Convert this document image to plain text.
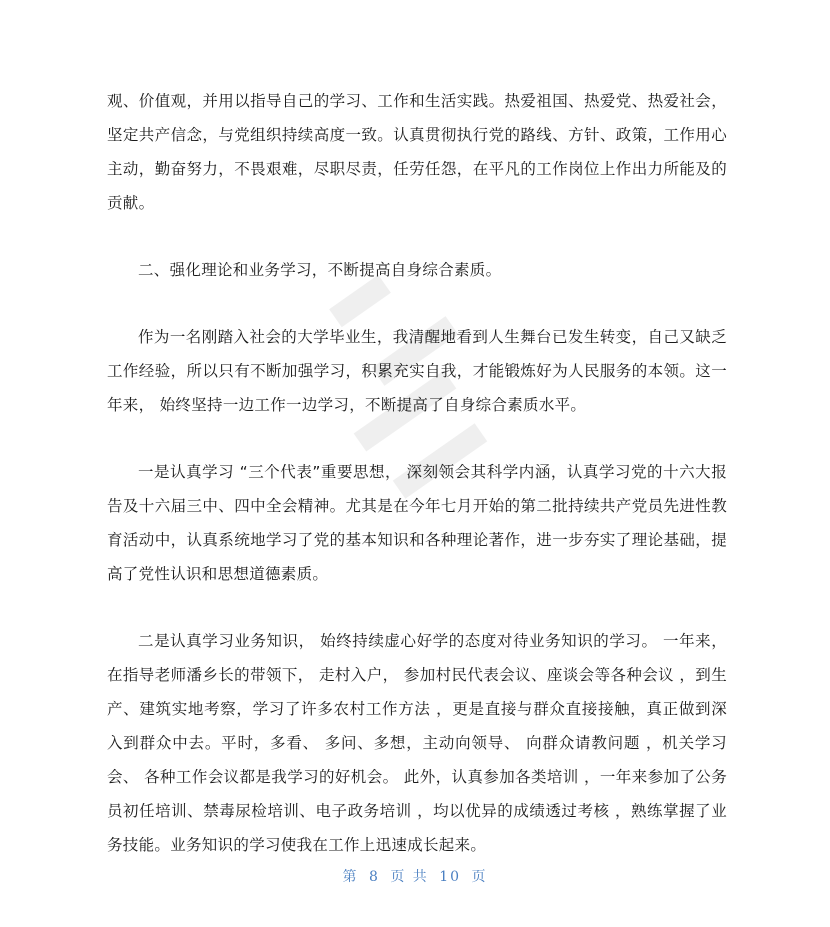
观、价值观，并用以指导自己的学习、工作和生活实践。热爱祖国、热爱党、热爱社会，坚定共产信念，与党组织持续高度一致。认真贯彻执行党的路线、方针、政策，工作用心主动，勤奋努力，不畏艰难，尽职尽责，任劳任怨，在平凡的工作岗位上作出力所能及的贡献。

二、强化理论和业务学习，不断提高自身综合素质。

作为一名刚踏入社会的大学毕业生，我清醒地看到人生舞台已发生转变，自己又缺乏工作经验，所以只有不断加强学习，积累充实自我，才能锻炼好为人民服务的本领。这一年来， 始终坚持一边工作一边学习，不断提高了自身综合素质水平。

一是认真学习 “三个代表”重要思想， 深刻领会其科学内涵，认真学习党的十六大报告及十六届三中、四中全会精神。尤其是在今年七月开始的第二批持续共产党员先进性教育活动中，认真系统地学习了党的基本知识和各种理论著作，进一步夯实了理论基础，提高了党性认识和思想道德素质。

二是认真学习业务知识， 始终持续虚心好学的态度对待业务知识的学习。 一年来，在指导老师潘乡长的带领下， 走村入户， 参加村民代表会议、座谈会等各种会议 ，到生产、建筑实地考察，学习了许多农村工作方法 ，更是直接与群众直接接触，真正做到深入到群众中去。平时，多看、 多问、多想，主动向领导、 向群众请教问题 ，机关学习会、 各种工作会议都是我学习的好机会。 此外，认真参加各类培训 ，一年来参加了公务员初任培训、禁毒尿检培训、电子政务培训 ，均以优异的成绩透过考核 ，熟练掌握了业务技能。业务知识的学习使我在工作上迅速成长起来。

第 8 页 共 10 页
